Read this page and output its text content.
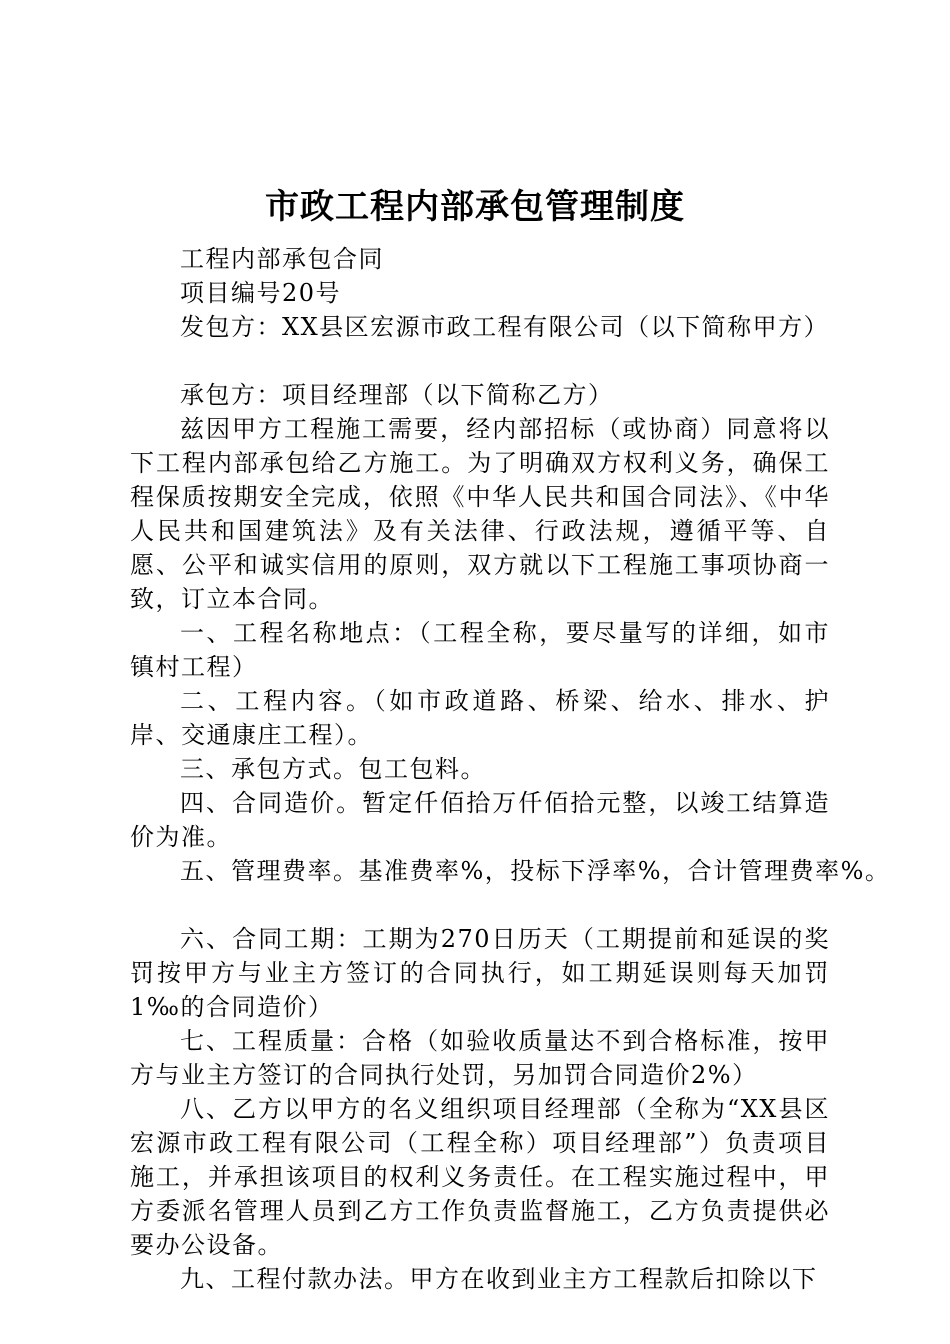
市政工程内部承包管理制度

工程内部承包合同

项目编号20号

发包方：XX县区宏源市政工程有限公司（以下简称甲方）

承包方：项目经理部（以下简称乙方）

兹因甲方工程施工需要，经内部招标（或协商）同意将以下工程内部承包给乙方施工。为了明确双方权利义务，确保工程保质按期安全完成，依照《中华人民共和国合同法》、《中华人民共和国建筑法》及有关法律、行政法规，遵循平等、自愿、公平和诚实信用的原则，双方就以下工程施工事项协商一致，订立本合同。

一、工程名称地点：（工程全称，要尽量写的详细，如市镇村工程）

二、工程内容。（如市政道路、桥梁、给水、排水、护岸、交通康庄工程）。

三、承包方式。包工包料。

四、合同造价。暂定仟佰拾万仟佰拾元整，以竣工结算造价为准。

五、管理费率。基准费率%，投标下浮率%，合计管理费率%。

六、合同工期：工期为270日历天（工期提前和延误的奖罚按甲方与业主方签订的合同执行，如工期延误则每天加罚1‰的合同造价）

七、工程质量：合格（如验收质量达不到合格标准，按甲方与业主方签订的合同执行处罚，另加罚合同造价2%）

八、乙方以甲方的名义组织项目经理部（全称为“XX县区宏源市政工程有限公司（工程全称）项目经理部”）负责项目施工，并承担该项目的权利义务责任。在工程实施过程中，甲方委派名管理人员到乙方工作负责监督施工，乙方负责提供必要办公设备。

九、工程付款办法。甲方在收到业主方工程款后扣除以下
